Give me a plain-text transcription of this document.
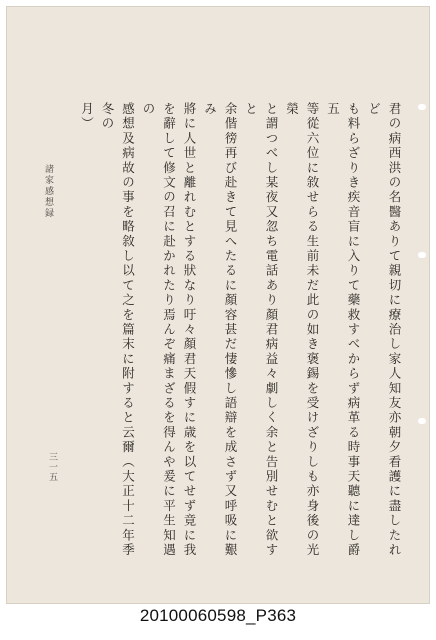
諸家感想録	君の病西洪の名醫ありて親切に療治し家人知友亦朝夕看護に盡したれど
も料らざりき疾音盲に入りて藥救すべからず病革る時事天聽に達し爵五
等從六位に敘せらる生前未だ此の如き褒錫を受けざりしも亦身後の光榮
と謂つべし某夜又忽ち電話あり顏君病益々劇しく余と告別せむと欲すと
余偕徬再び赴きて見へたるに顏容甚だ悽慘し語辯を成さず又呼吸に艱み
將に人世と離れむとする狀なり吁々顏君天假すに歳を以てせず竟に我
を辭して修文の召に赴かれたり焉んぞ痛まざるを得んや爰に平生知遇の
感想及病故の事を略敘し以て之を篇末に附すると云爾（大正十二年季冬の
月）
三一五
20100060598_P363
